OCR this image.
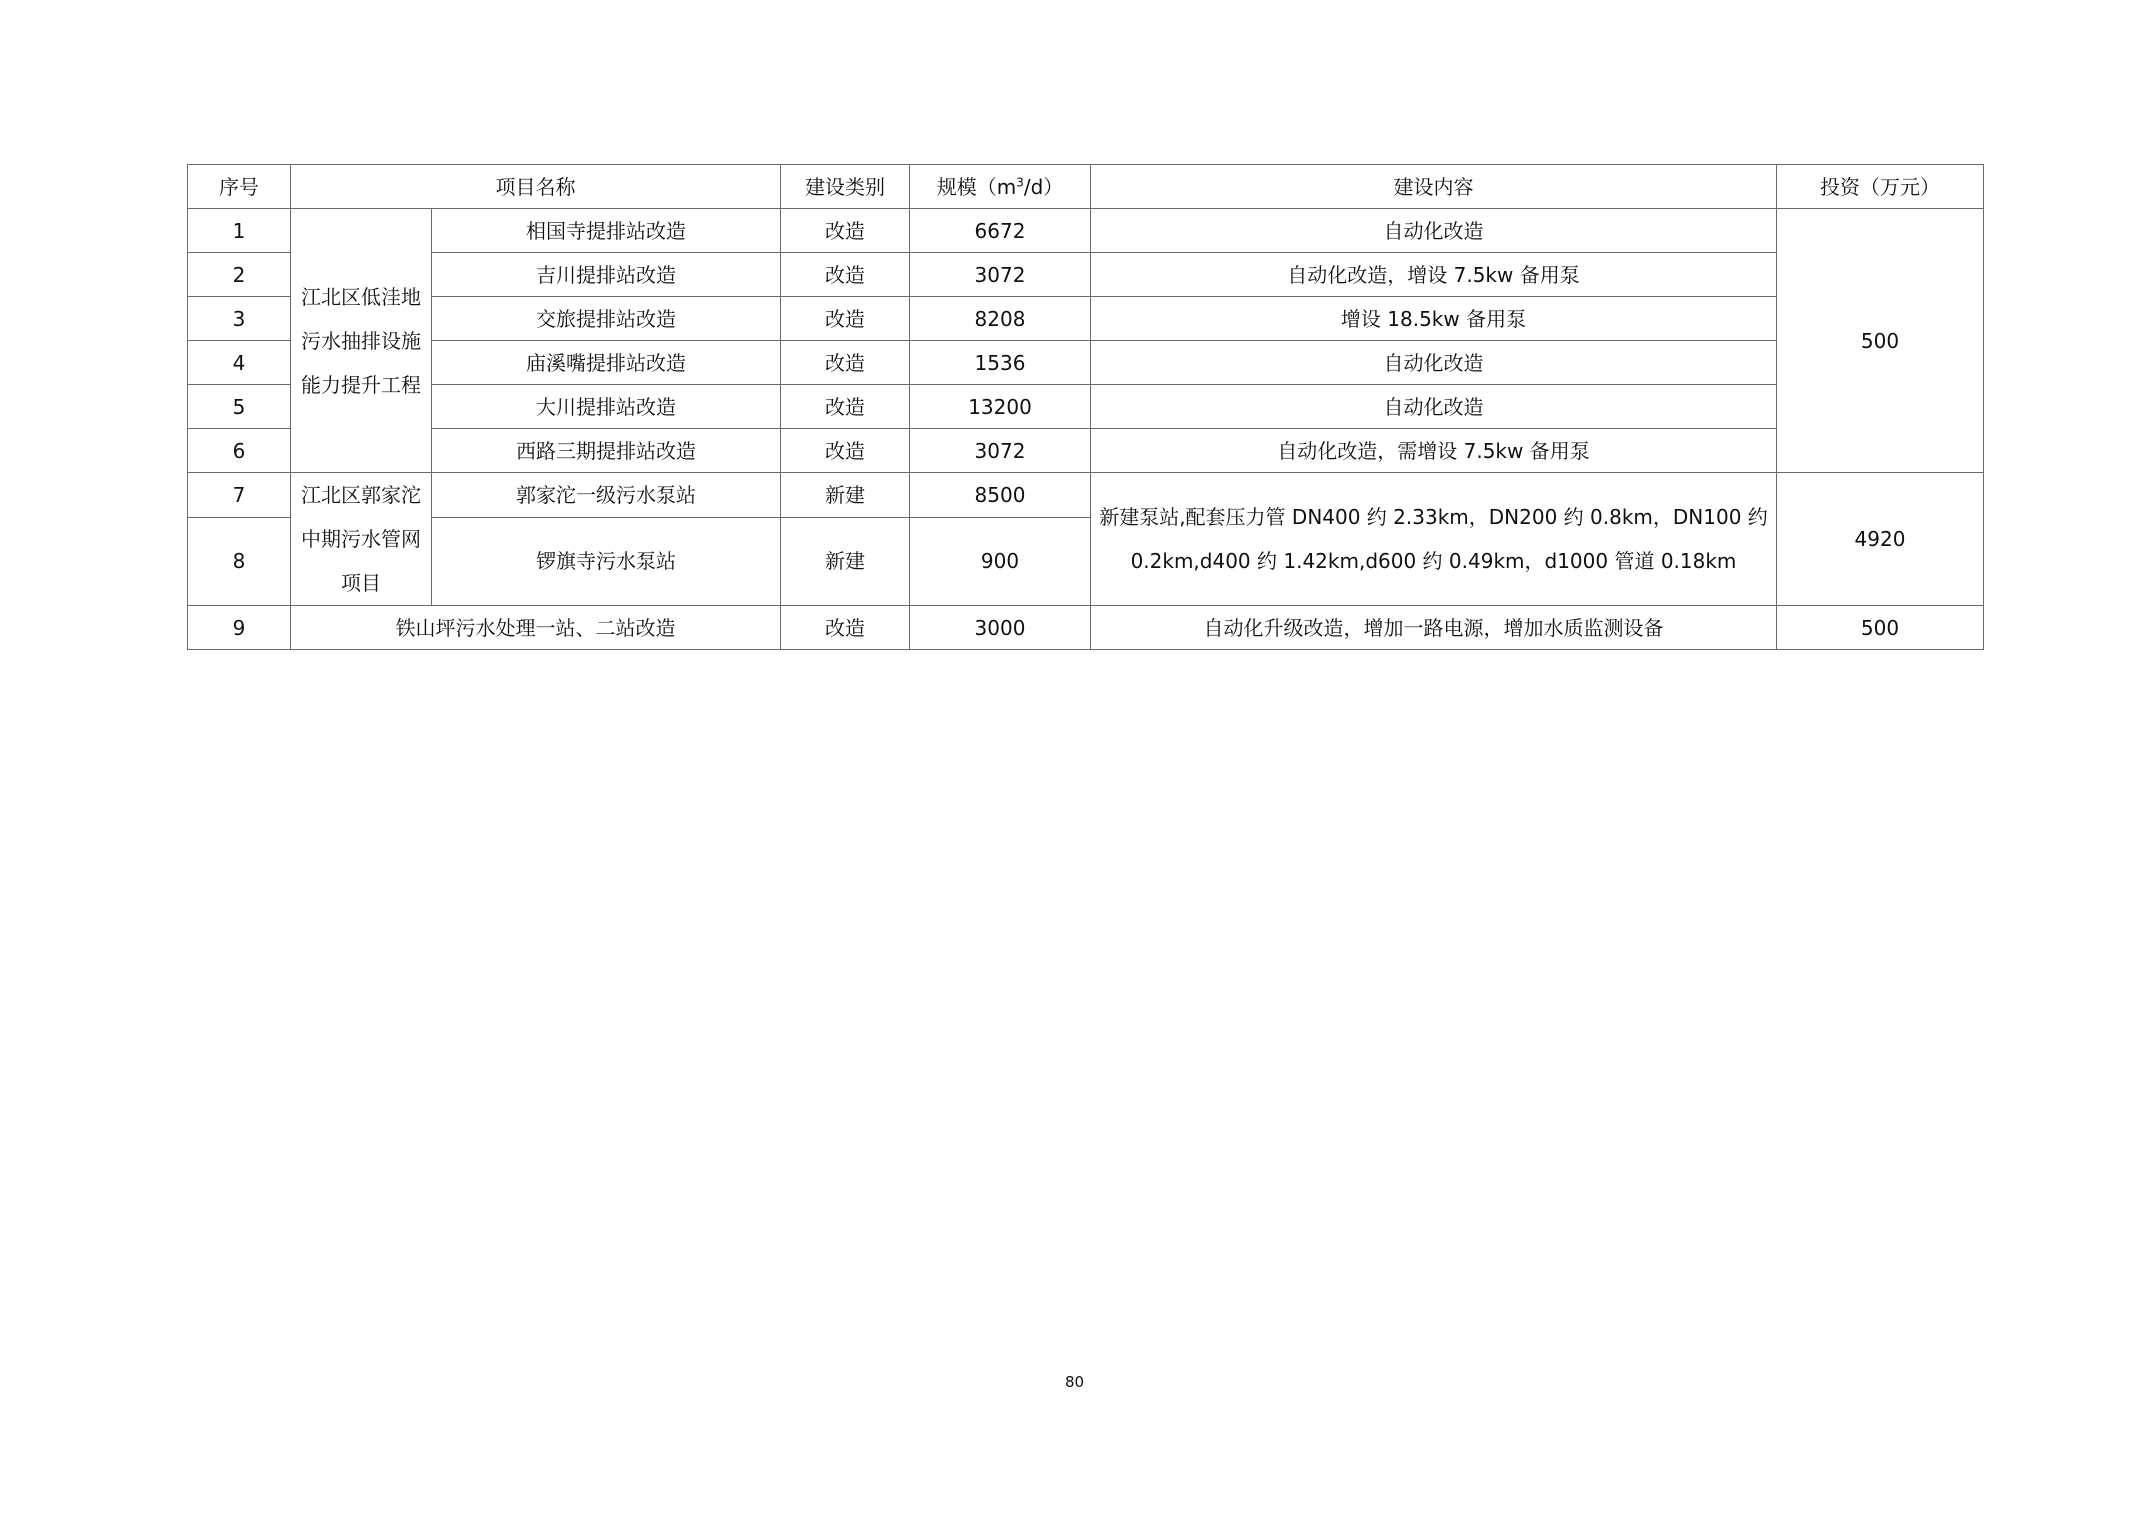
序号	项目名称		建设类别	规模$(m^3/d)$	建设内容	投资（万元）
1	江北区低洼地污水抽排设施能力提升工程	相国寺提排站改造	改造	6672	自动化改造	500
2		吉川提排站改造	改造	3072	自动化改造，增设 7.5kw 备用泵	
3		交旅提排站改造	改造	8208	增设 18.5kw 备用泵	
4		庙溪嘴提排站改造	改造	1536	自动化改造	
5		大川提排站改造	改造	13200	自动化改造	
6		西路三期提排站改造	改造	3072	自动化改造，需增设 7.5kw 备用泵	
7	江北区郭家沱中期污水管网项目	郭家沱一级污水泵站	新建	8500	新建泵站,配套压力管 DN400 约 2.33km，DN200 约 0.8km，DN100 约 0.2km,d400 约 1.42km,d600 约 0.49km，d1000 管道 0.18km	4920
8		锣旗寺污水泵站	新建	900		
9	铁山坪污水处理一站、二站改造		改造	3000	自动化升级改造，增加一路电源，增加水质监测设备	500
80
